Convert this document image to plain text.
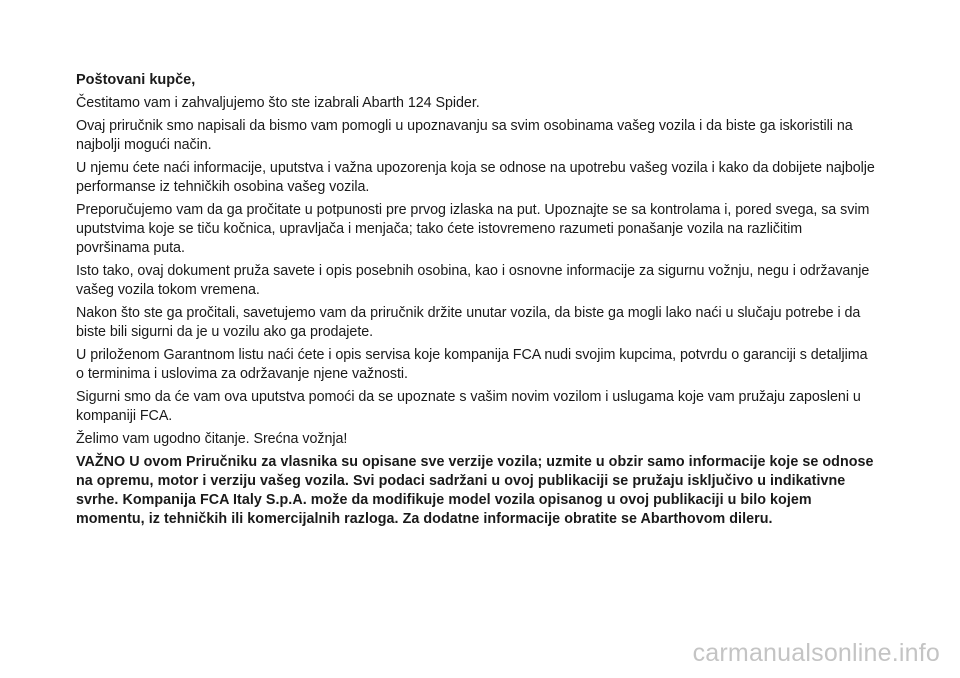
Poštovani kupče,
Čestitamo vam i zahvaljujemo što ste izabrali Abarth 124 Spider.
Ovaj priručnik smo napisali da bismo vam pomogli u upoznavanju sa svim osobinama vašeg vozila i da biste ga iskoristili na najbolji mogući način.
U njemu ćete naći informacije, uputstva i važna upozorenja koja se odnose na upotrebu vašeg vozila i kako da dobijete najbolje performanse iz tehničkih osobina vašeg vozila.
Preporučujemo vam da ga pročitate u potpunosti pre prvog izlaska na put. Upoznajte se sa kontrolama i, pored svega, sa svim uputstvima koje se tiču kočnica, upravljača i menjača; tako ćete istovremeno razumeti ponašanje vozila na različitim površinama puta.
Isto tako, ovaj dokument pruža savete i opis posebnih osobina, kao i osnovne informacije za sigurnu vožnju, negu i održavanje vašeg vozila tokom vremena.
Nakon što ste ga pročitali, savetujemo vam da priručnik držite unutar vozila, da biste ga mogli lako naći u slučaju potrebe i da biste bili sigurni da je u vozilu ako ga prodajete.
U priloženom Garantnom listu naći ćete i opis servisa koje kompanija FCA nudi svojim kupcima, potvrdu o garanciji s detaljima o terminima i uslovima za održavanje njene važnosti.
Sigurni smo da će vam ova uputstva pomoći da se upoznate s vašim novim vozilom i uslugama koje vam pružaju zaposleni u kompaniji FCA.
Želimo vam ugodno čitanje. Srećna vožnja!
VAŽNO U ovom Priručniku za vlasnika su opisane sve verzije vozila; uzmite u obzir samo informacije koje se odnose na opremu, motor i verziju vašeg vozila. Svi podaci sadržani u ovoj publikaciji se pružaju isključivo u indikativne svrhe. Kompanija FCA Italy S.p.A. može da modifikuje model vozila opisanog u ovoj publikaciji u bilo kojem momentu, iz tehničkih ili komercijalnih razloga. Za dodatne informacije obratite se Abarthovom dileru.
carmanualsonline.info
